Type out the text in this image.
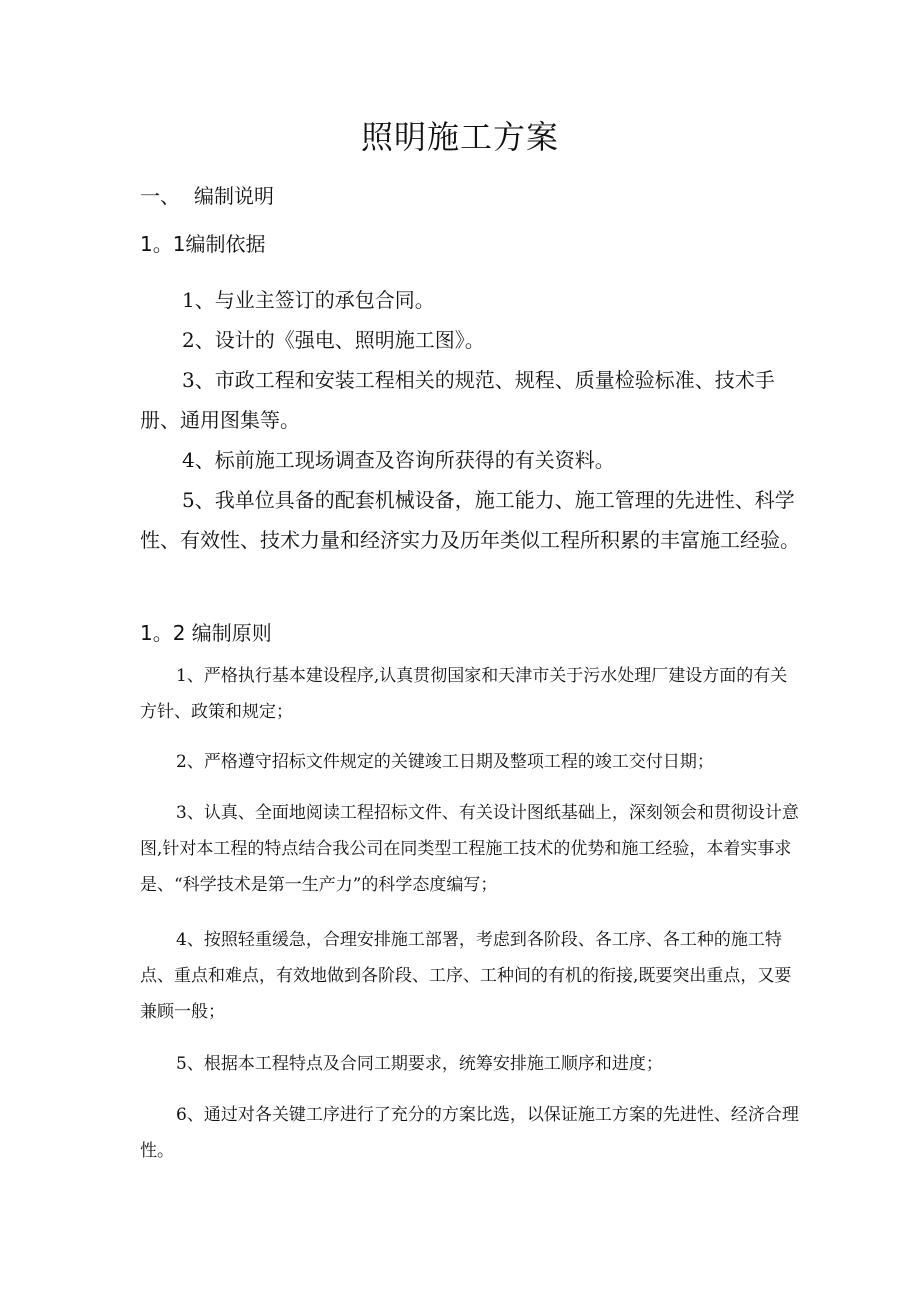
照明施工方案
一、 编制说明
1。1编制依据
1、与业主签订的承包合同。
2、设计的《强电、照明施工图》。
3、市政工程和安装工程相关的规范、规程、质量检验标准、技术手册、通用图集等。
4、标前施工现场调查及咨询所获得的有关资料。
5、我单位具备的配套机械设备，施工能力、施工管理的先进性、科学性、有效性、技术力量和经济实力及历年类似工程所积累的丰富施工经验。
1。2 编制原则
1、严格执行基本建设程序,认真贯彻国家和天津市关于污水处理厂建设方面的有关方针、政策和规定；
2、严格遵守招标文件规定的关键竣工日期及整项工程的竣工交付日期；
3、认真、全面地阅读工程招标文件、有关设计图纸基础上，深刻领会和贯彻设计意图,针对本工程的特点结合我公司在同类型工程施工技术的优势和施工经验，本着实事求是、“科学技术是第一生产力”的科学态度编写；
4、按照轻重缓急，合理安排施工部署，考虑到各阶段、各工序、各工种的施工特点、重点和难点，有效地做到各阶段、工序、工种间的有机的衔接,既要突出重点，又要兼顾一般；
5、根据本工程特点及合同工期要求，统筹安排施工顺序和进度；
6、通过对各关键工序进行了充分的方案比选，以保证施工方案的先进性、经济合理性。
